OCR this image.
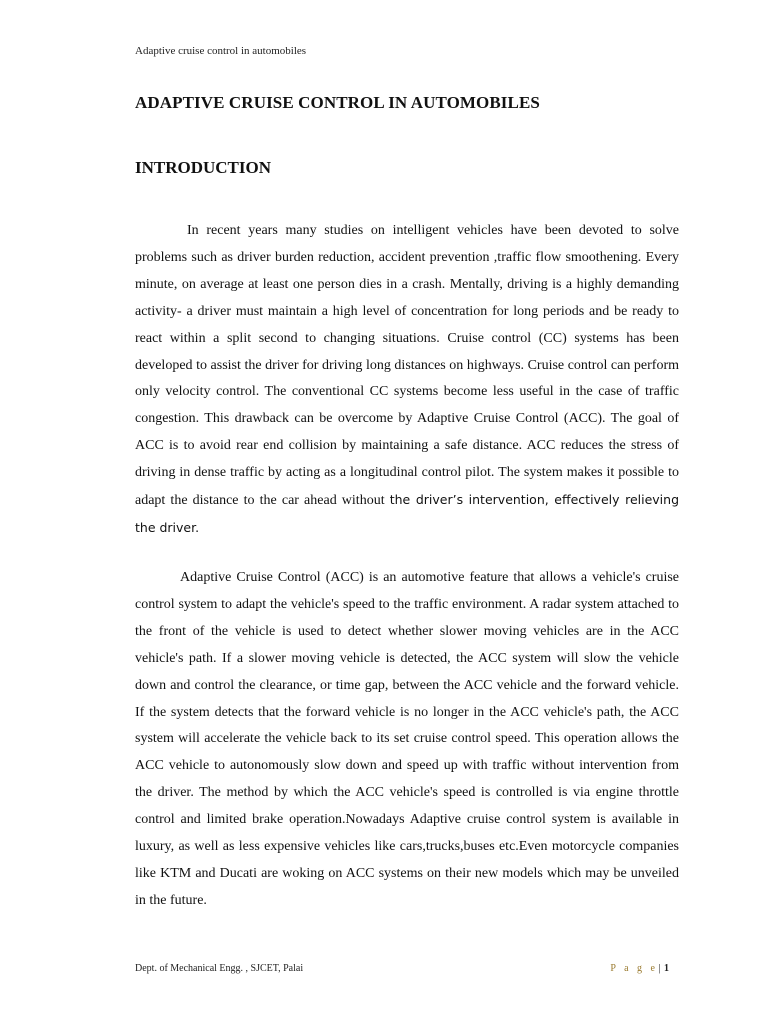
Adaptive cruise control in automobiles
ADAPTIVE CRUISE CONTROL IN AUTOMOBILES
INTRODUCTION

In recent years many studies on intelligent vehicles have been devoted to solve problems such as driver burden reduction, accident prevention ,traffic flow smoothening. Every minute, on average at least one person dies in a crash. Mentally, driving is a highly demanding activity- a driver must maintain a high level of concentration for long periods and be ready to react within a split second to changing situations. Cruise control (CC) systems has been developed to assist the driver for driving long distances on highways. Cruise control can perform only velocity control. The conventional CC systems become less useful in the case of traffic congestion. This drawback can be overcome by Adaptive Cruise Control (ACC). The goal of ACC is to avoid rear end collision by maintaining a safe distance. ACC reduces the stress of driving in dense traffic by acting as a longitudinal control pilot. The system makes it possible to adapt the distance to the car ahead without the driver’s intervention, effectively relieving the driver.

Adaptive Cruise Control (ACC) is an automotive feature that allows a vehicle's cruise control system to adapt the vehicle's speed to the traffic environment. A radar system attached to the front of the vehicle is used to detect whether slower moving vehicles are in the ACC vehicle's path. If a slower moving vehicle is detected, the ACC system will slow the vehicle down and control the clearance, or time gap, between the ACC vehicle and the forward vehicle. If the system detects that the forward vehicle is no longer in the ACC vehicle's path, the ACC system will accelerate the vehicle back to its set cruise control speed. This operation allows the ACC vehicle to autonomously slow down and speed up with traffic without intervention from the driver. The method by which the ACC vehicle's speed is controlled is via engine throttle control and limited brake operation.Nowadays Adaptive cruise control system is available in luxury, as well as less expensive vehicles like cars,trucks,buses etc.Even motorcycle companies like KTM and Ducati are woking on ACC systems on their new models which may be unveiled in the future.

Dept. of Mechanical Engg. , SJCET, Palai	P a g e | 1
